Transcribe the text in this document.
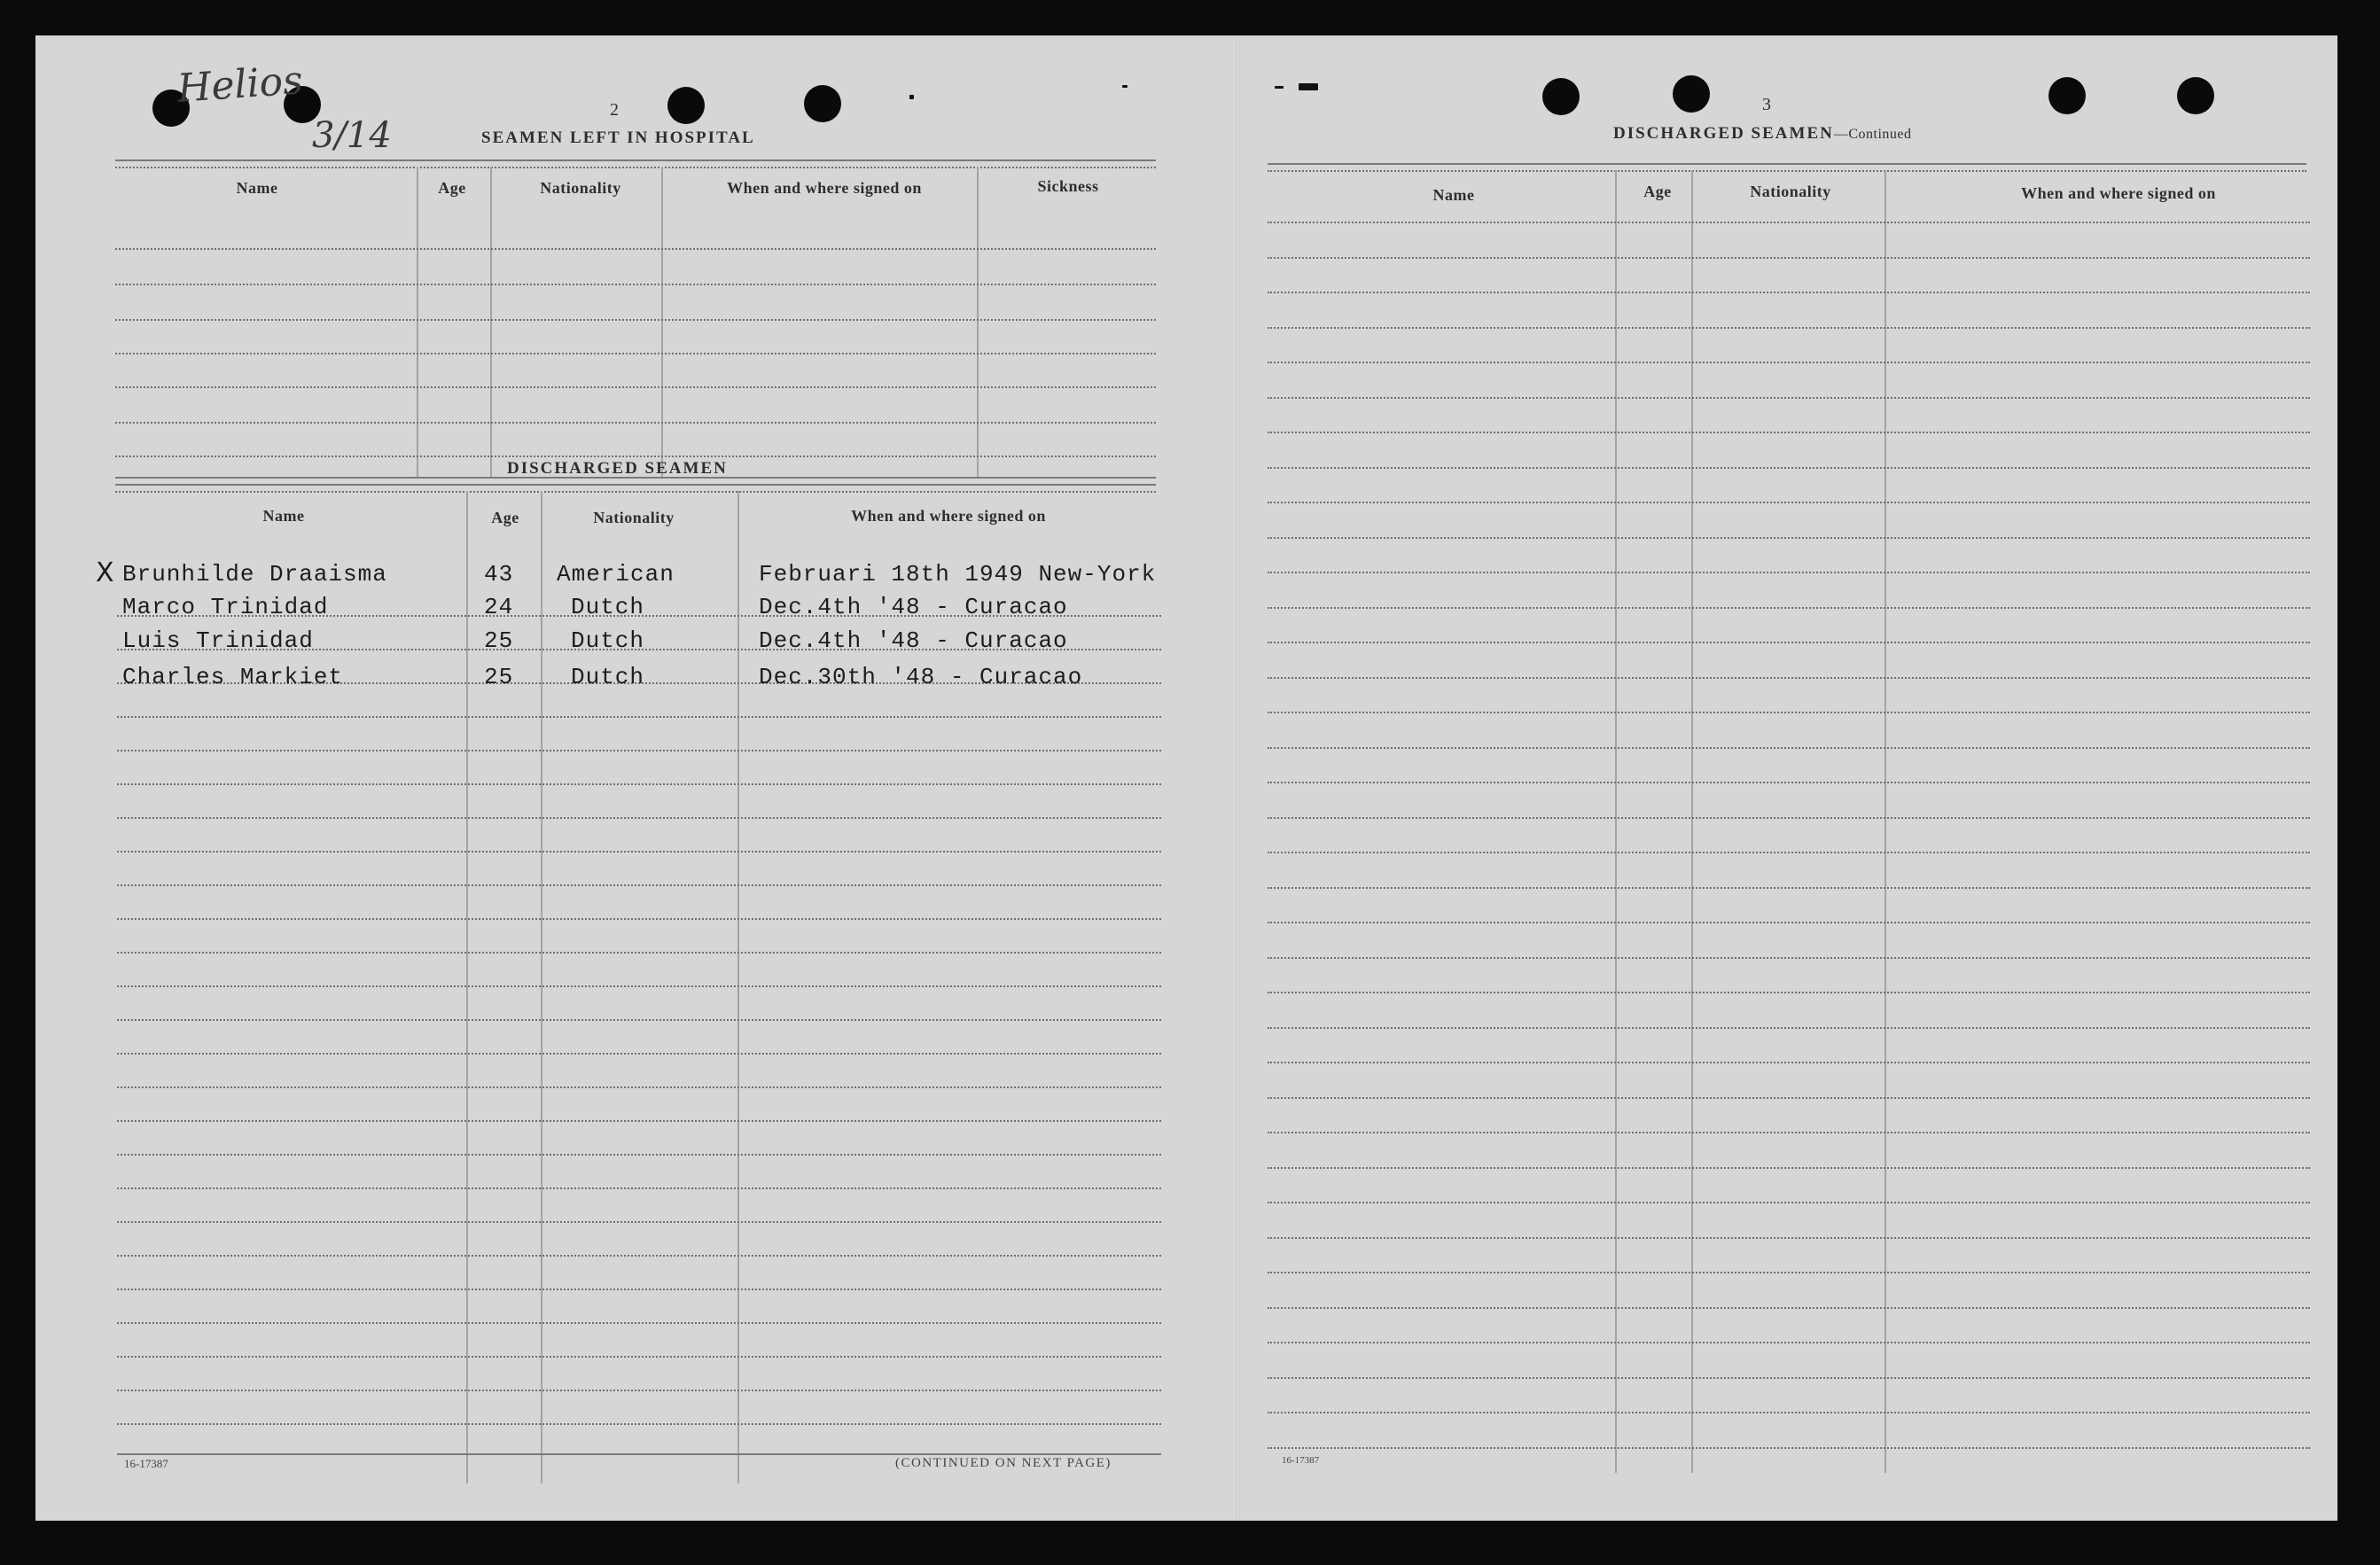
Helios
3/14
2
SEAMEN LEFT IN HOSPITAL
Name	Age	Nationality	When and where signed on	Sickness
DISCHARGED SEAMEN
Name	Age	Nationality	When and where signed on
X Brunhilde Draaisma	43 American	Februari 18th 1949 New-York
Marco Trinidad	24 Dutch	Dec.4th '48 - Curacao
Luis Trinidad	25 Dutch	Dec.4th '48 - Curacao
Charles Markiet	25 Dutch	Dec.30th '48 - Curacao
16-17387	(CONTINUED ON NEXT PAGE)
3
DISCHARGED SEAMEN—Continued
Name	Age	Nationality	When and where signed on
16-17387
